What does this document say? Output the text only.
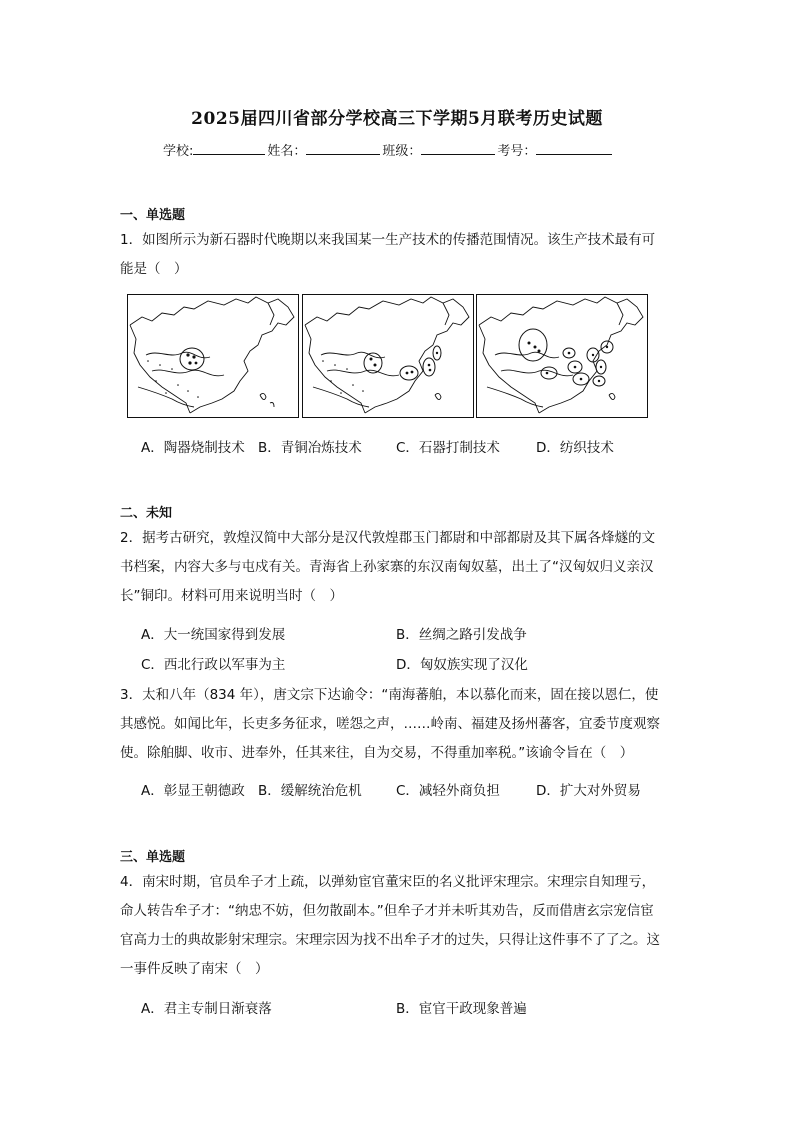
2025届四川省部分学校高三下学期5月联考历史试题
学校:	姓名：	班级：	考号：
一、单选题
1．如图所示为新石器时代晚期以来我国某一生产技术的传播范围情况。该生产技术最有可
能是（　）
A．陶器烧制技术 B．青铜冶炼技术	C．石器打制技术	D．纺织技术
二、未知
2．据考古研究，敦煌汉简中大部分是汉代敦煌郡玉门都尉和中部都尉及其下属各烽燧的文
书档案，内容大多与屯戍有关。青海省上孙家寨的东汉南匈奴墓，出土了“汉匈奴归义亲汉
长”铜印。材料可用来说明当时（　）
A．大一统国家得到发展	B．丝绸之路引发战争
C．西北行政以军事为主	D．匈奴族实现了汉化
3．太和八年（834 年），唐文宗下达谕令：“南海蕃舶，本以慕化而来，固在接以恩仁，使
其感悦。如闻比年，长吏多务征求，嗟怨之声，……岭南、福建及扬州蕃客，宜委节度观察
使。除舶脚、收市、进奉外，任其来往，自为交易，不得重加率税。”该谕令旨在（　）
A．彰显王朝德政 B．缓解统治危机	C．减轻外商负担	D．扩大对外贸易
三、单选题
4．南宋时期，官员牟子才上疏，以弹劾宦官董宋臣的名义批评宋理宗。宋理宗自知理亏，
命人转告牟子才：“纳忠不妨，但勿散副本。”但牟子才并未听其劝告，反而借唐玄宗宠信宦
官高力士的典故影射宋理宗。宋理宗因为找不出牟子才的过失，只得让这件事不了了之。这
一事件反映了南宋（　）
A．君主专制日渐衰落	B．宦官干政现象普遍
